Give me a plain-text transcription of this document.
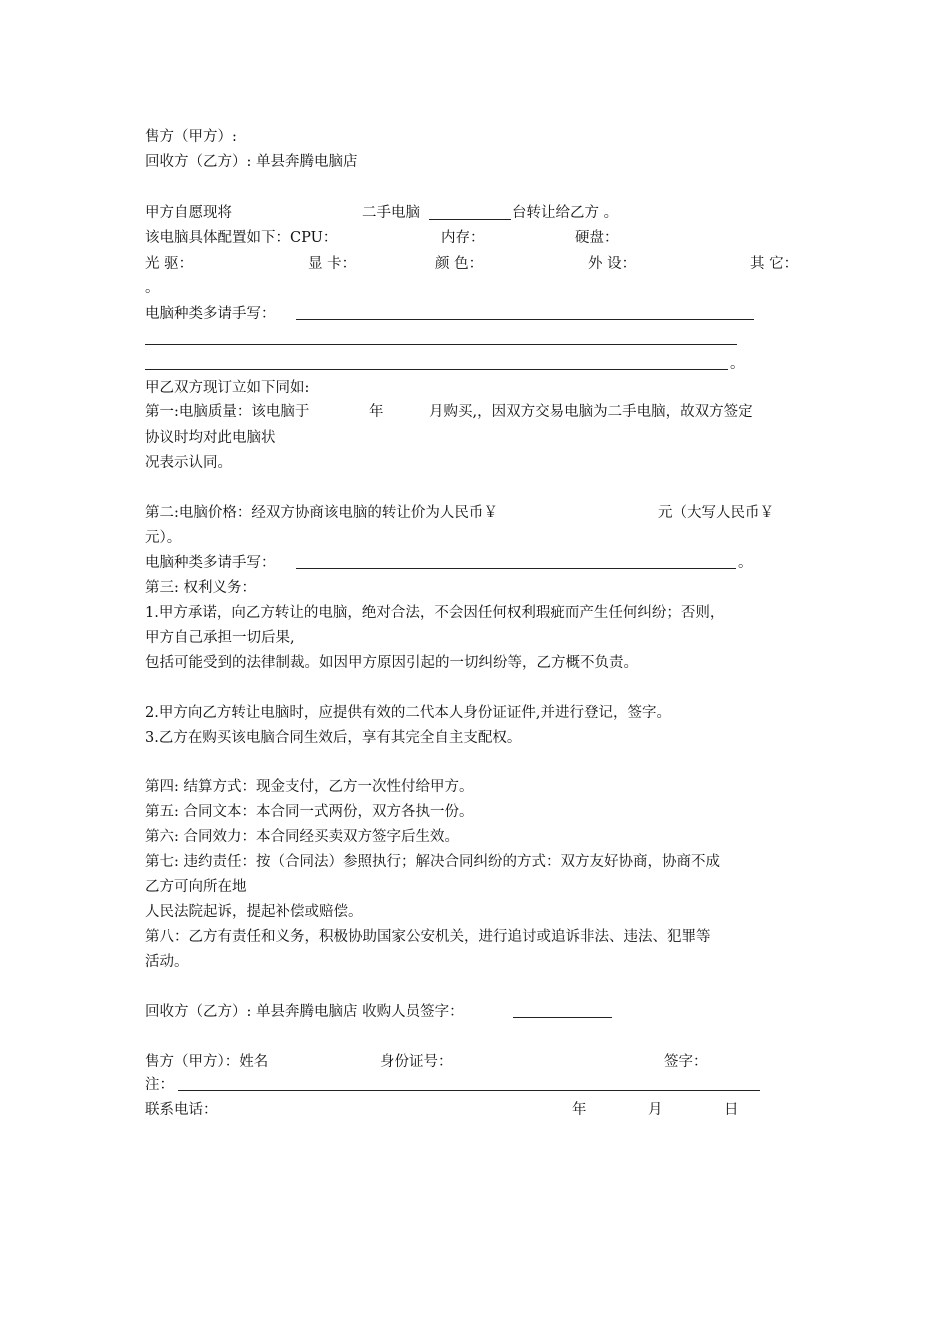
售方（甲方）:
回收方（乙方）: 单县奔腾电脑店
甲方自愿现将	二手电脑	台转让给乙方 。
该电脑具体配置如下：CPU：	内存：	硬盘：
光 驱：	显 卡：	颜 色：	外 设：	其 它：
。
电脑种类多请手写：
。
甲乙双方现订立如下同如:
第一:电脑质量：该电脑于	年	月购买,，因双方交易电脑为二手电脑，故双方签定
协议时均对此电脑状
况表示认同。
第二:电脑价格：经双方协商该电脑的转让价为人民币￥	元（大写人民币￥
元）。
电脑种类多请手写：	。
第三: 权利义务：
1.甲方承诺，向乙方转让的电脑，绝对合法，不会因任何权利瑕疵而产生任何纠纷；否则，
甲方自己承担一切后果,
包括可能受到的法律制裁。如因甲方原因引起的一切纠纷等，乙方概不负责。
2.甲方向乙方转让电脑时，应提供有效的二代本人身份证证件,并进行登记，签字。
3.乙方在购买该电脑合同生效后，享有其完全自主支配权。
第四: 结算方式：现金支付，乙方一次性付给甲方。
第五: 合同文本：本合同一式两份，双方各执一份。
第六: 合同效力：本合同经买卖双方签字后生效。
第七: 违约责任：按（合同法）参照执行；解决合同纠纷的方式：双方友好协商，协商不成
乙方可向所在地
人民法院起诉，提起补偿或赔偿。
第八：乙方有责任和义务，积极协助国家公安机关，进行追讨或追诉非法、违法、犯罪等
活动。
回收方（乙方）: 单县奔腾电脑店 收购人员签字：
售方（甲方）：姓名	身份证号：	签字：
注：
联系电话：	年	月	日
